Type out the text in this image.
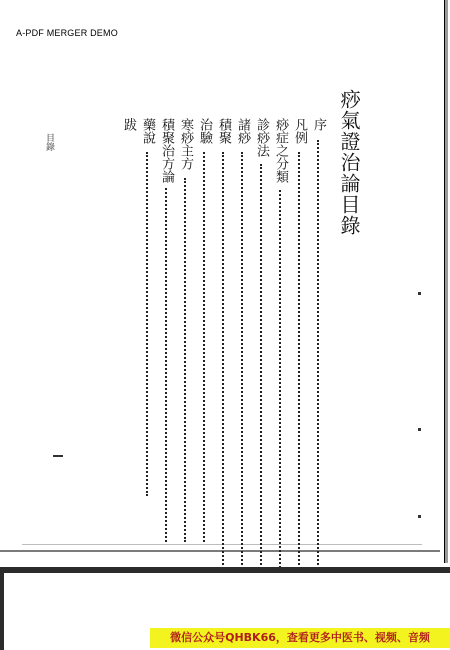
A-PDF MERGER DEMO
痧氣證治論目錄
目錄
序
凡例
痧症之分類
診痧法
諸痧
積聚
治驗
寒痧主方
積聚治方論
藥說
跋
微信公众号QHBK66，查看更多中医书、视频、音频
